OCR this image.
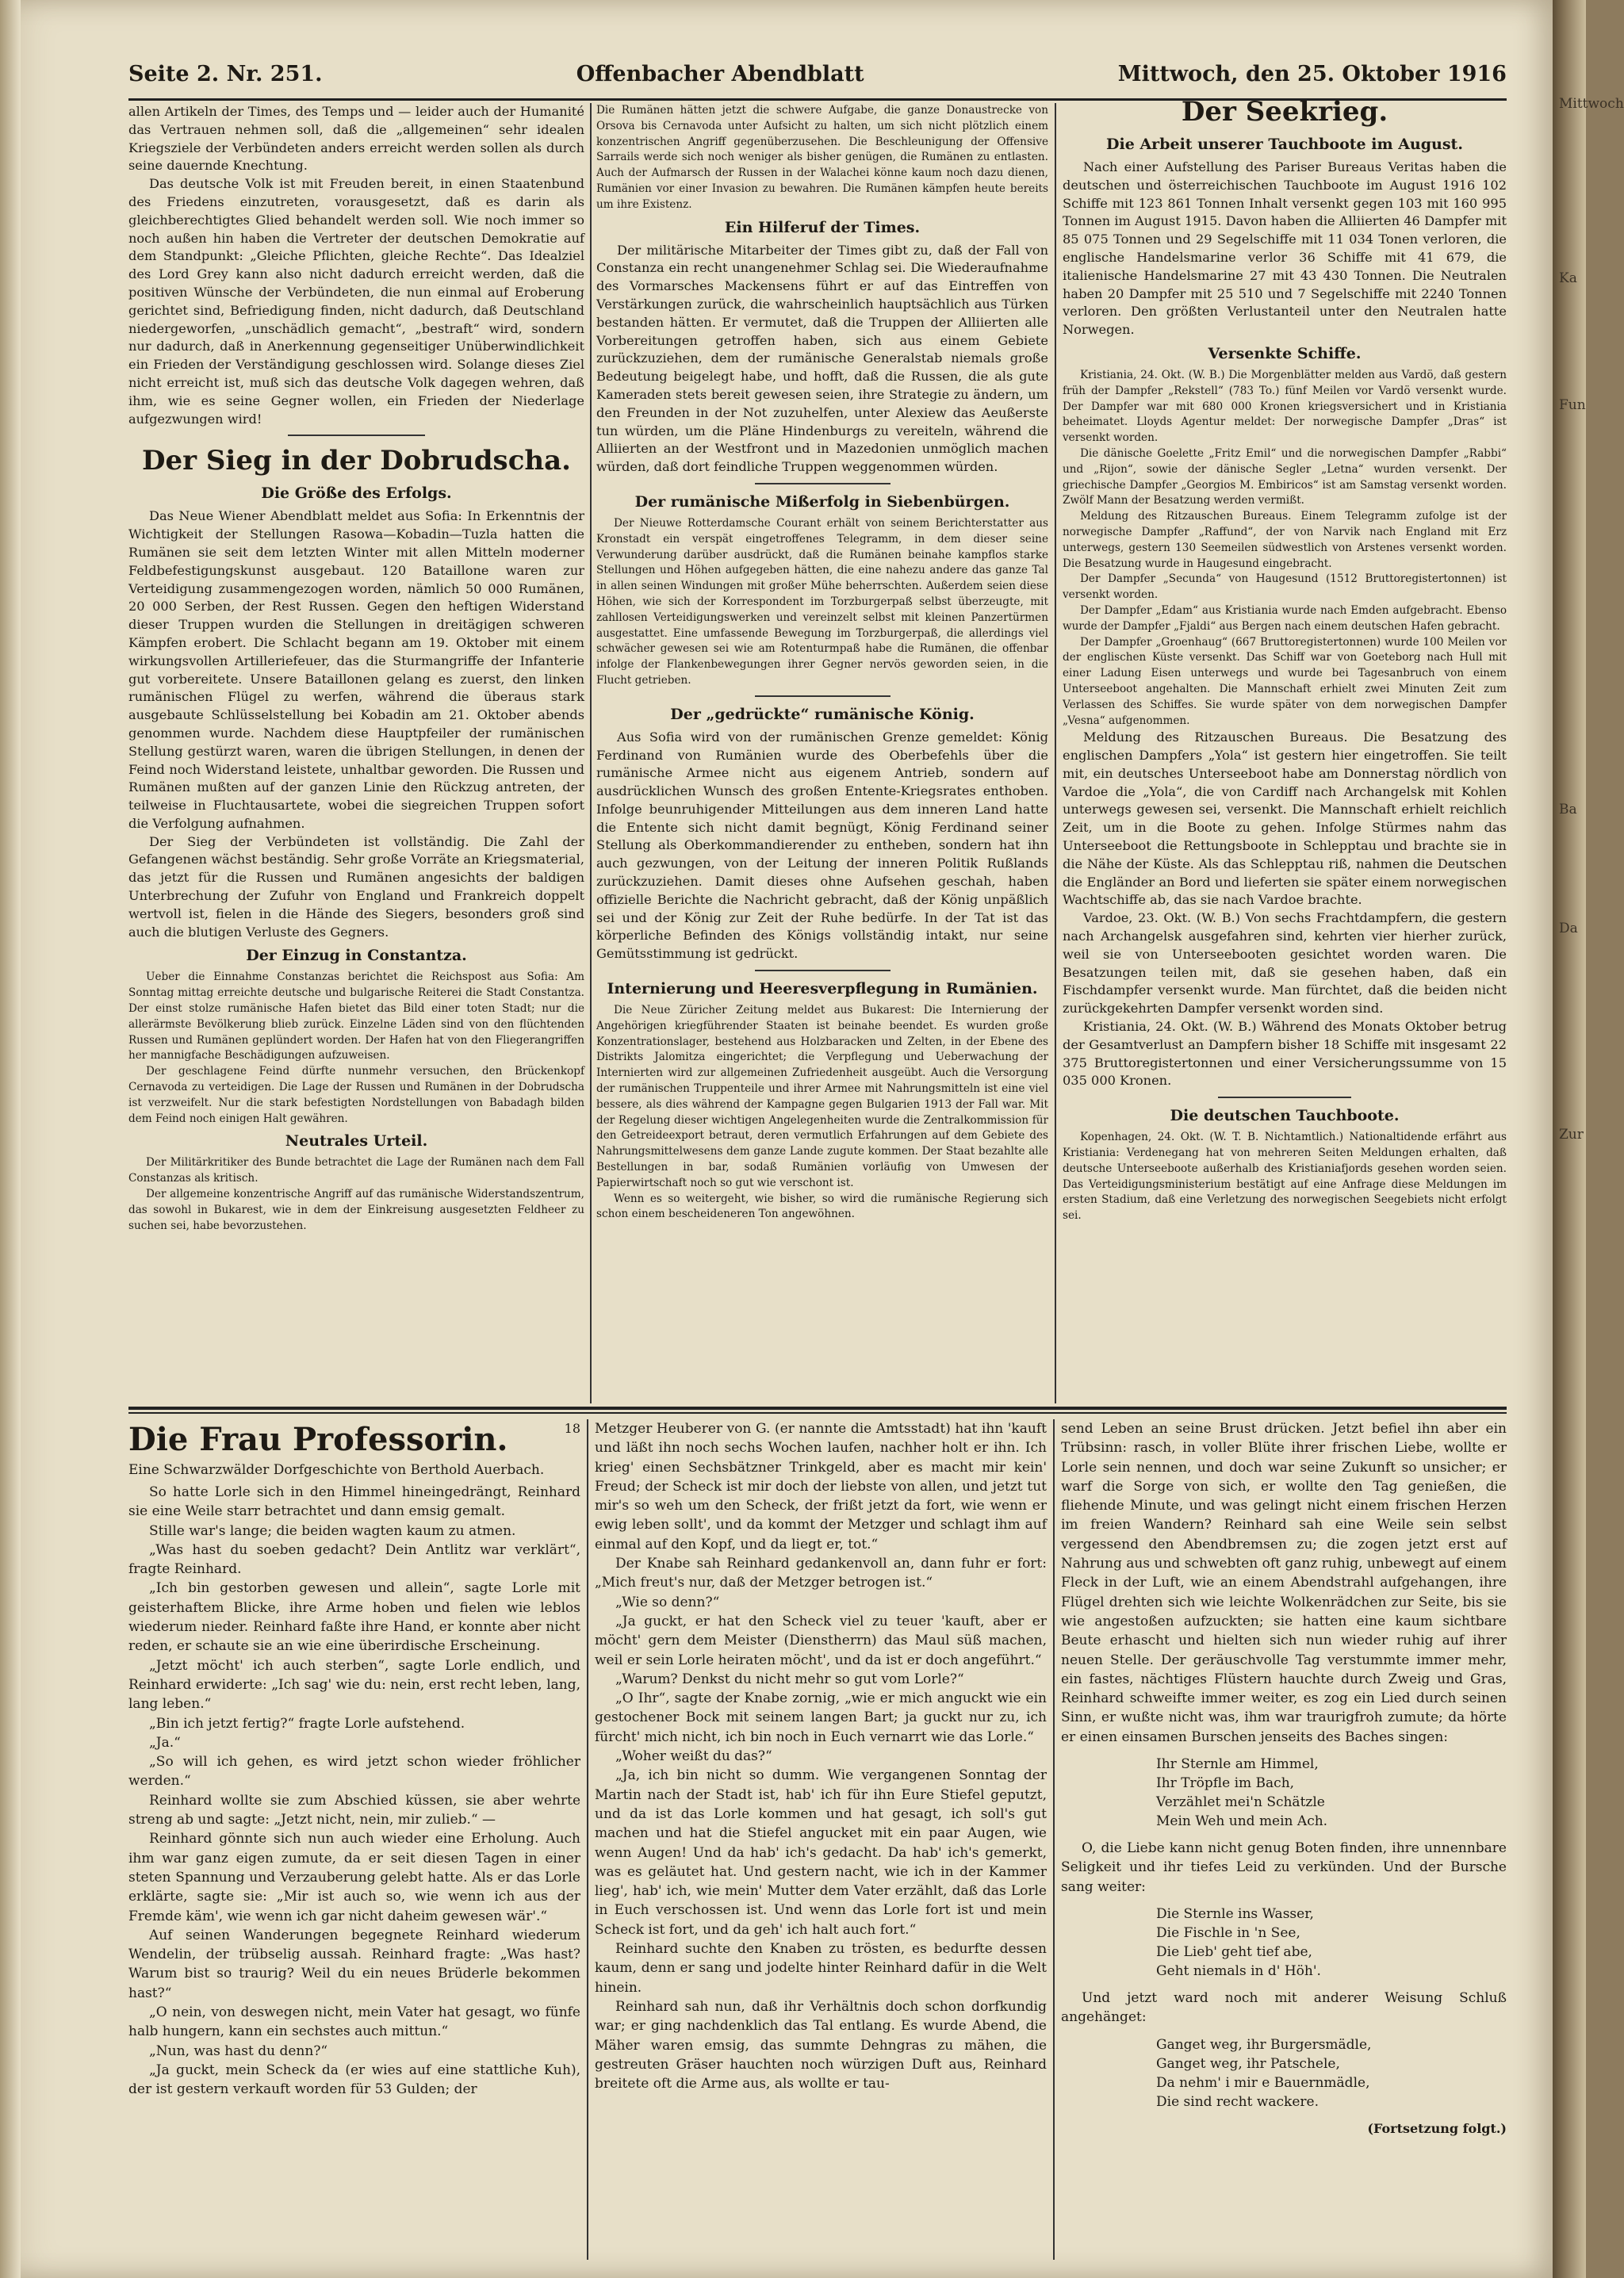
Mittwoch
Ka
Fun
Ba
Da
Zur
Seite 2. Nr. 251.	Offenbacher Abendblatt	Mittwoch, den 25. Oktober 1916

allen Artikeln der Times, des Temps und — leider auch der Humanité das Vertrauen nehmen soll, daß die „allgemeinen“ sehr idealen Kriegsziele der Verbündeten anders erreicht werden sollen als durch seine dauernde Knechtung.

Das deutsche Volk ist mit Freuden bereit, in einen Staatenbund des Friedens einzutreten, vorausgesetzt, daß es darin als gleichberechtigtes Glied behandelt werden soll. Wie noch immer so noch außen hin haben die Vertreter der deutschen Demokratie auf dem Standpunkt: „Gleiche Pflichten, gleiche Rechte“. Das Idealziel des Lord Grey kann also nicht dadurch erreicht werden, daß die positiven Wünsche der Verbündeten, die nun einmal auf Eroberung gerichtet sind, Befriedigung finden, nicht dadurch, daß Deutschland niedergeworfen, „unschädlich gemacht“, „bestraft“ wird, sondern nur dadurch, daß in Anerkennung gegenseitiger Unüberwindlichkeit ein Frieden der Verständigung geschlossen wird. Solange dieses Ziel nicht erreicht ist, muß sich das deutsche Volk dagegen wehren, daß ihm, wie es seine Gegner wollen, ein Frieden der Niederlage aufgezwungen wird!

Der Sieg in der Dobrudscha.
Die Größe des Erfolgs.

Das Neue Wiener Abendblatt meldet aus Sofia: In Erkenntnis der Wichtigkeit der Stellungen Rasowa—Kobadin—Tuzla hatten die Rumänen sie seit dem letzten Winter mit allen Mitteln moderner Feldbefestigungskunst ausgebaut. 120 Bataillone waren zur Verteidigung zusammengezogen worden, nämlich 50 000 Rumänen, 20 000 Serben, der Rest Russen. Gegen den heftigen Widerstand dieser Truppen wurden die Stellungen in dreitägigen schweren Kämpfen erobert. Die Schlacht begann am 19. Oktober mit einem wirkungsvollen Artilleriefeuer, das die Sturmangriffe der Infanterie gut vorbereitete. Unsere Bataillonen gelang es zuerst, den linken rumänischen Flügel zu werfen, während die überaus stark ausgebaute Schlüsselstellung bei Kobadin am 21. Oktober abends genommen wurde. Nachdem diese Hauptpfeiler der rumänischen Stellung gestürzt waren, waren die übrigen Stellungen, in denen der Feind noch Widerstand leistete, unhaltbar geworden. Die Russen und Rumänen mußten auf der ganzen Linie den Rückzug antreten, der teilweise in Fluchtausartete, wobei die siegreichen Truppen sofort die Verfolgung aufnahmen.

Der Sieg der Verbündeten ist vollständig. Die Zahl der Gefangenen wächst beständig. Sehr große Vorräte an Kriegsmaterial, das jetzt für die Russen und Rumänen angesichts der baldigen Unterbrechung der Zufuhr von England und Frankreich doppelt wertvoll ist, fielen in die Hände des Siegers, besonders groß sind auch die blutigen Verluste des Gegners.

Der Einzug in Constantza.

Ueber die Einnahme Constanzas berichtet die Reichspost aus Sofia: Am Sonntag mittag erreichte deutsche und bulgarische Reiterei die Stadt Constantza. Der einst stolze rumänische Hafen bietet das Bild einer toten Stadt; nur die allerärmste Bevölkerung blieb zurück. Einzelne Läden sind von den flüchtenden Russen und Rumänen geplündert worden. Der Hafen hat von den Fliegerangriffen her mannigfache Beschädigungen aufzuweisen.

Der geschlagene Feind dürfte nunmehr versuchen, den Brückenkopf Cernavoda zu verteidigen. Die Lage der Russen und Rumänen in der Dobrudscha ist verzweifelt. Nur die stark befestigten Nordstellungen von Babadagh bilden dem Feind noch einigen Halt gewähren.

Neutrales Urteil.

Der Militärkritiker des Bunde betrachtet die Lage der Rumänen nach dem Fall Constanzas als kritisch.

Der allgemeine konzentrische Angriff auf das rumänische Widerstandszentrum, das sowohl in Bukarest, wie in dem der Einkreisung ausgesetzten Feldheer zu suchen sei, habe bevorzustehen.

Die Rumänen hätten jetzt die schwere Aufgabe, die ganze Donaustrecke von Orsova bis Cernavoda unter Aufsicht zu halten, um sich nicht plötzlich einem konzentrischen Angriff gegenüberzusehen. Die Beschleunigung der Offensive Sarrails werde sich noch weniger als bisher genügen, die Rumänen zu entlasten. Auch der Aufmarsch der Russen in der Walachei könne kaum noch dazu dienen, Rumänien vor einer Invasion zu bewahren. Die Rumänen kämpfen heute bereits um ihre Existenz.

Ein Hilferuf der Times.

Der militärische Mitarbeiter der Times gibt zu, daß der Fall von Constanza ein recht unangenehmer Schlag sei. Die Wiederaufnahme des Vormarsches Mackensens führt er auf das Eintreffen von Verstärkungen zurück, die wahrscheinlich hauptsächlich aus Türken bestanden hätten. Er vermutet, daß die Truppen der Alliierten alle Vorbereitungen getroffen haben, sich aus einem Gebiete zurückzuziehen, dem der rumänische Generalstab niemals große Bedeutung beigelegt habe, und hofft, daß die Russen, die als gute Kameraden stets bereit gewesen seien, ihre Strategie zu ändern, um den Freunden in der Not zuzuhelfen, unter Alexiew das Aeußerste tun würden, um die Pläne Hindenburgs zu vereiteln, während die Alliierten an der Westfront und in Mazedonien unmöglich machen würden, daß dort feindliche Truppen weggenommen würden.

Der rumänische Mißerfolg in Siebenbürgen.

Der Nieuwe Rotterdamsche Courant erhält von seinem Berichterstatter aus Kronstadt ein verspät eingetroffenes Telegramm, in dem dieser seine Verwunderung darüber ausdrückt, daß die Rumänen beinahe kampflos starke Stellungen und Höhen aufgegeben hätten, die eine nahezu andere das ganze Tal in allen seinen Windungen mit großer Mühe beherrschten. Außerdem seien diese Höhen, wie sich der Korrespondent im Torzburgerpaß selbst überzeugte, mit zahllosen Verteidigungswerken und vereinzelt selbst mit kleinen Panzertürmen ausgestattet. Eine umfassende Bewegung im Torzburgerpaß, die allerdings viel schwächer gewesen sei wie am Rotenturmpaß habe die Rumänen, die offenbar infolge der Flankenbewegungen ihrer Gegner nervös geworden seien, in die Flucht getrieben.

Der „gedrückte“ rumänische König.

Aus Sofia wird von der rumänischen Grenze gemeldet: König Ferdinand von Rumänien wurde des Oberbefehls über die rumänische Armee nicht aus eigenem Antrieb, sondern auf ausdrücklichen Wunsch des großen Entente-Kriegsrates enthoben. Infolge beunruhigender Mitteilungen aus dem inneren Land hatte die Entente sich nicht damit begnügt, König Ferdinand seiner Stellung als Oberkommandierender zu entheben, sondern hat ihn auch gezwungen, von der Leitung der inneren Politik Rußlands zurückzuziehen. Damit dieses ohne Aufsehen geschah, haben offizielle Berichte die Nachricht gebracht, daß der König unpäßlich sei und der König zur Zeit der Ruhe bedürfe. In der Tat ist das körperliche Befinden des Königs vollständig intakt, nur seine Gemütsstimmung ist gedrückt.

Internierung und Heeresverpflegung in Rumänien.

Die Neue Züricher Zeitung meldet aus Bukarest: Die Internierung der Angehörigen kriegführender Staaten ist beinahe beendet. Es wurden große Konzentrationslager, bestehend aus Holzbaracken und Zelten, in der Ebene des Distrikts Jalomitza eingerichtet; die Verpflegung und Ueberwachung der Internierten wird zur allgemeinen Zufriedenheit ausgeübt. Auch die Versorgung der rumänischen Truppenteile und ihrer Armee mit Nahrungsmitteln ist eine viel bessere, als dies während der Kampagne gegen Bulgarien 1913 der Fall war. Mit der Regelung dieser wichtigen Angelegenheiten wurde die Zentralkommission für den Getreideexport betraut, deren vermutlich Erfahrungen auf dem Gebiete des Nahrungsmittelwesens dem ganze Lande zugute kommen. Der Staat bezahlte alle Bestellungen in bar, sodaß Rumänien vorläufig von Umwesen der Papierwirtschaft noch so gut wie verschont ist.

Wenn es so weitergeht, wie bisher, so wird die rumänische Regierung sich schon einem bescheideneren Ton angewöhnen.

Der Seekrieg.
Die Arbeit unserer Tauchboote im August.

Nach einer Aufstellung des Pariser Bureaus Veritas haben die deutschen und österreichischen Tauchboote im August 1916 102 Schiffe mit 123 861 Tonnen Inhalt versenkt gegen 103 mit 160 995 Tonnen im August 1915. Davon haben die Alliierten 46 Dampfer mit 85 075 Tonnen und 29 Segelschiffe mit 11 034 Tonen verloren, die englische Handelsmarine verlor 36 Schiffe mit 41 679, die italienische Handelsmarine 27 mit 43 430 Tonnen. Die Neutralen haben 20 Dampfer mit 25 510 und 7 Segelschiffe mit 2240 Tonnen verloren. Den größten Verlustanteil unter den Neutralen hatte Norwegen.

Versenkte Schiffe.

Kristiania, 24. Okt. (W. B.) Die Morgenblätter melden aus Vardö, daß gestern früh der Dampfer „Rekstell“ (783 To.) fünf Meilen vor Vardö versenkt wurde. Der Dampfer war mit 680 000 Kronen kriegsversichert und in Kristiania beheimatet. Lloyds Agentur meldet: Der norwegische Dampfer „Dras“ ist versenkt worden.

Die dänische Goelette „Fritz Emil“ und die norwegischen Dampfer „Rabbi“ und „Rijon“, sowie der dänische Segler „Letna“ wurden versenkt. Der griechische Dampfer „Georgios M. Embiricos“ ist am Samstag versenkt worden. Zwölf Mann der Besatzung werden vermißt.

Meldung des Ritzauschen Bureaus. Einem Telegramm zufolge ist der norwegische Dampfer „Raffund“, der von Narvik nach England mit Erz unterwegs, gestern 130 Seemeilen südwestlich von Arstenes versenkt worden. Die Besatzung wurde in Haugesund eingebracht.

Der Dampfer „Secunda“ von Haugesund (1512 Bruttoregistertonnen) ist versenkt worden.

Der Dampfer „Edam“ aus Kristiania wurde nach Emden aufgebracht. Ebenso wurde der Dampfer „Fjaldi“ aus Bergen nach einem deutschen Hafen gebracht.

Der Dampfer „Groenhaug“ (667 Bruttoregistertonnen) wurde 100 Meilen vor der englischen Küste versenkt. Das Schiff war von Goeteborg nach Hull mit einer Ladung Eisen unterwegs und wurde bei Tagesanbruch von einem Unterseeboot angehalten. Die Mannschaft erhielt zwei Minuten Zeit zum Verlassen des Schiffes. Sie wurde später von dem norwegischen Dampfer „Vesna“ aufgenommen.

Meldung des Ritzauschen Bureaus. Die Besatzung des englischen Dampfers „Yola“ ist gestern hier eingetroffen. Sie teilt mit, ein deutsches Unterseeboot habe am Donnerstag nördlich von Vardoe die „Yola“, die von Cardiff nach Archangelsk mit Kohlen unterwegs gewesen sei, versenkt. Die Mannschaft erhielt reichlich Zeit, um in die Boote zu gehen. Infolge Stürmes nahm das Unterseeboot die Rettungsboote in Schlepptau und brachte sie in die Nähe der Küste. Als das Schlepptau riß, nahmen die Deutschen die Engländer an Bord und lieferten sie später einem norwegischen Wachtschiffe ab, das sie nach Vardoe brachte.

Vardoe, 23. Okt. (W. B.) Von sechs Frachtdampfern, die gestern nach Archangelsk ausgefahren sind, kehrten vier hierher zurück, weil sie von Unterseebooten gesichtet worden waren. Die Besatzungen teilen mit, daß sie gesehen haben, daß ein Fischdampfer versenkt wurde. Man fürchtet, daß die beiden nicht zurückgekehrten Dampfer versenkt worden sind.

Kristiania, 24. Okt. (W. B.) Während des Monats Oktober betrug der Gesamtverlust an Dampfern bisher 18 Schiffe mit insgesamt 22 375 Bruttoregistertonnen und einer Versicherungssumme von 15 035 000 Kronen.

Die deutschen Tauchboote.

Kopenhagen, 24. Okt. (W. T. B. Nichtamtlich.) Nationaltidende erfährt aus Kristiania: Verdenegang hat von mehreren Seiten Meldungen erhalten, daß deutsche Unterseeboote außerhalb des Kristianiafjords gesehen worden seien. Das Verteidigungsministerium bestätigt auf eine Anfrage diese Meldungen im ersten Stadium, daß eine Verletzung des norwegischen Seegebiets nicht erfolgt sei.

Die Frau Professorin.	18
Eine Schwarzwälder Dorfgeschichte von Berthold Auerbach.

So hatte Lorle sich in den Himmel hineingedrängt, Reinhard sie eine Weile starr betrachtet und dann emsig gemalt.

Stille war's lange; die beiden wagten kaum zu atmen.

„Was hast du soeben gedacht? Dein Antlitz war verklärt“, fragte Reinhard.

„Ich bin gestorben gewesen und allein“, sagte Lorle mit geisterhaftem Blicke, ihre Arme hoben und fielen wie leblos wiederum nieder. Reinhard faßte ihre Hand, er konnte aber nicht reden, er schaute sie an wie eine überirdische Erscheinung.

„Jetzt möcht' ich auch sterben“, sagte Lorle endlich, und Reinhard erwiderte: „Ich sag' wie du: nein, erst recht leben, lang, lang leben.“

„Bin ich jetzt fertig?“ fragte Lorle aufstehend.

„Ja.“

„So will ich gehen, es wird jetzt schon wieder fröhlicher werden.“

Reinhard wollte sie zum Abschied küssen, sie aber wehrte streng ab und sagte: „Jetzt nicht, nein, mir zulieb.“ —

Reinhard gönnte sich nun auch wieder eine Erholung. Auch ihm war ganz eigen zumute, da er seit diesen Tagen in einer steten Spannung und Verzauberung gelebt hatte. Als er das Lorle erklärte, sagte sie: „Mir ist auch so, wie wenn ich aus der Fremde käm', wie wenn ich gar nicht daheim gewesen wär'.“

Auf seinen Wanderungen begegnete Reinhard wiederum Wendelin, der trübselig aussah. Reinhard fragte: „Was hast? Warum bist so traurig? Weil du ein neues Brüderle bekommen hast?“

„O nein, von deswegen nicht, mein Vater hat gesagt, wo fünfe halb hungern, kann ein sechstes auch mittun.“

„Nun, was hast du denn?“

„Ja guckt, mein Scheck da (er wies auf eine stattliche Kuh), der ist gestern verkauft worden für 53 Gulden; der

Metzger Heuberer von G. (er nannte die Amtsstadt) hat ihn 'kauft und läßt ihn noch sechs Wochen laufen, nachher holt er ihn. Ich krieg' einen Sechsbätzner Trinkgeld, aber es macht mir kein' Freud; der Scheck ist mir doch der liebste von allen, und jetzt tut mir's so weh um den Scheck, der frißt jetzt da fort, wie wenn er ewig leben sollt', und da kommt der Metzger und schlagt ihm auf einmal auf den Kopf, und da liegt er, tot.“

Der Knabe sah Reinhard gedankenvoll an, dann fuhr er fort: „Mich freut's nur, daß der Metzger betrogen ist.“

„Wie so denn?“

„Ja guckt, er hat den Scheck viel zu teuer 'kauft, aber er möcht' gern dem Meister (Dienstherrn) das Maul süß machen, weil er sein Lorle heiraten möcht', und da ist er doch angeführt.“

„Warum? Denkst du nicht mehr so gut vom Lorle?“

„O Ihr“, sagte der Knabe zornig, „wie er mich anguckt wie ein gestochener Bock mit seinem langen Bart; ja guckt nur zu, ich fürcht' mich nicht, ich bin noch in Euch vernarrt wie das Lorle.“

„Woher weißt du das?“

„Ja, ich bin nicht so dumm. Wie vergangenen Sonntag der Martin nach der Stadt ist, hab' ich für ihn Eure Stiefel geputzt, und da ist das Lorle kommen und hat gesagt, ich soll's gut machen und hat die Stiefel angucket mit ein paar Augen, wie wenn Augen! Und da hab' ich's gedacht. Da hab' ich's gemerkt, was es geläutet hat. Und gestern nacht, wie ich in der Kammer lieg', hab' ich, wie mein' Mutter dem Vater erzählt, daß das Lorle in Euch verschossen ist. Und wenn das Lorle fort ist und mein Scheck ist fort, und da geh' ich halt auch fort.“

Reinhard suchte den Knaben zu trösten, es bedurfte dessen kaum, denn er sang und jodelte hinter Reinhard dafür in die Welt hinein.

Reinhard sah nun, daß ihr Verhältnis doch schon dorfkundig war; er ging nachdenklich das Tal entlang. Es wurde Abend, die Mäher waren emsig, das summte Dehngras zu mähen, die gestreuten Gräser hauchten noch würzigen Duft aus, Reinhard breitete oft die Arme aus, als wollte er tau-

send Leben an seine Brust drücken. Jetzt befiel ihn aber ein Trübsinn: rasch, in voller Blüte ihrer frischen Liebe, wollte er Lorle sein nennen, und doch war seine Zukunft so unsicher; er warf die Sorge von sich, er wollte den Tag genießen, die fliehende Minute, und was gelingt nicht einem frischen Herzen im freien Wandern? Reinhard sah eine Weile sein selbst vergessend den Abendbremsen zu; die zogen jetzt erst auf Nahrung aus und schwebten oft ganz ruhig, unbewegt auf einem Fleck in der Luft, wie an einem Abendstrahl aufgehangen, ihre Flügel drehten sich wie leichte Wolkenrädchen zur Seite, bis sie wie angestoßen aufzuckten; sie hatten eine kaum sichtbare Beute erhascht und hielten sich nun wieder ruhig auf ihrer neuen Stelle. Der geräuschvolle Tag verstummte immer mehr, ein fastes, nächtiges Flüstern hauchte durch Zweig und Gras, Reinhard schweifte immer weiter, es zog ein Lied durch seinen Sinn, er wußte nicht was, ihm war traurigfroh zumute; da hörte er einen einsamen Burschen jenseits des Baches singen:

Ihr Sternle am Himmel,
Ihr Tröpfle im Bach,
Verzählet mei'n Schätzle
Mein Weh und mein Ach.

O, die Liebe kann nicht genug Boten finden, ihre unnennbare Seligkeit und ihr tiefes Leid zu verkünden. Und der Bursche sang weiter:

Die Sternle ins Wasser,
Die Fischle in 'n See,
Die Lieb' geht tief abe,
Geht niemals in d' Höh'.

Und jetzt ward noch mit anderer Weisung Schluß angehänget:

Ganget weg, ihr Burgersmädle,
Ganget weg, ihr Patschele,
Da nehm' i mir e Bauernmädle,
Die sind recht wackere.
(Fortsetzung folgt.)
